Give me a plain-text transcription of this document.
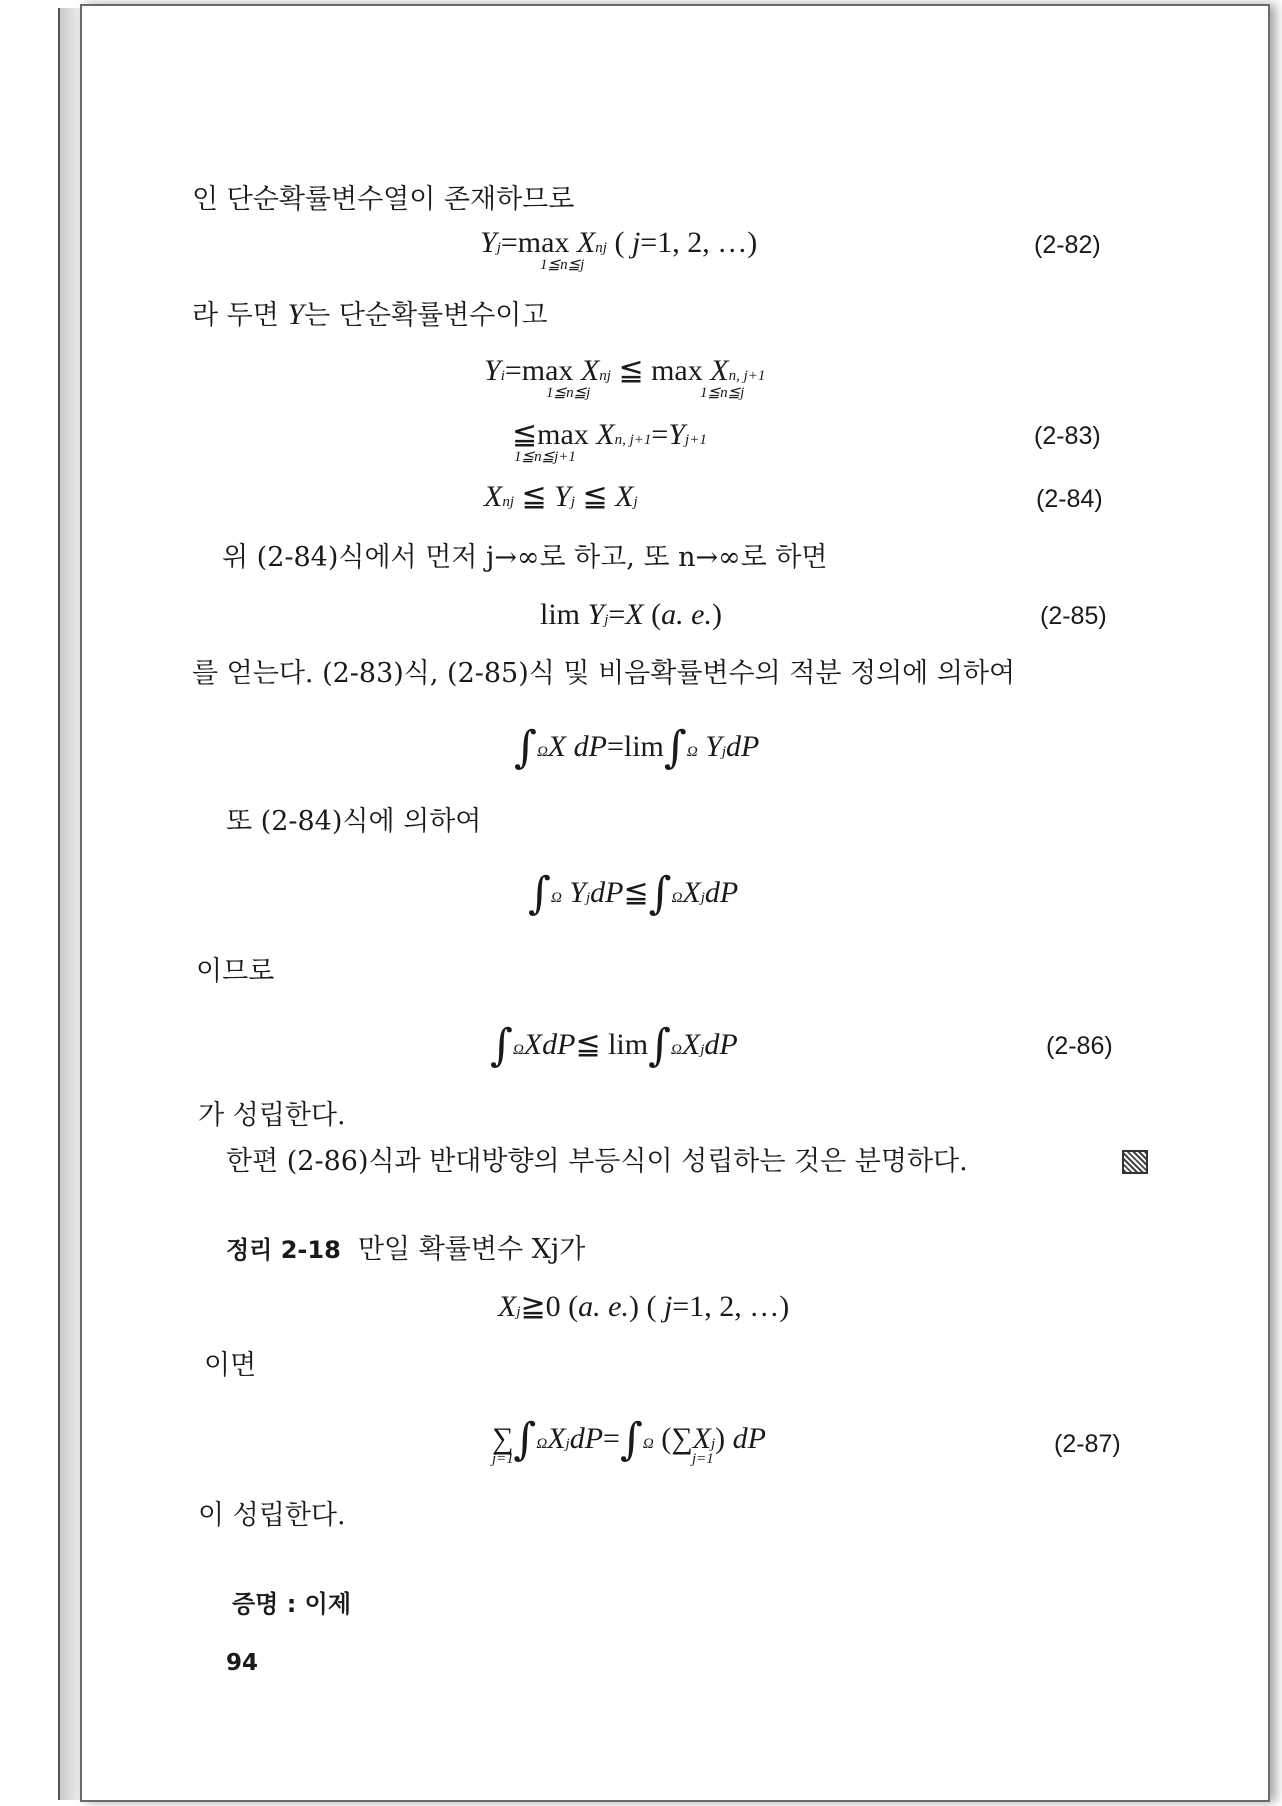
인 단순확률변수열이 존재하므로
Yj=max Xnj ( j=1, 2, …)
1≦n≦j
(2-82)
라 두면 Y는 단순확률변수이고
Yi=max Xnj ≦ max Xn, j+1
1≦n≦j	1≦n≦j
≦max Xn, j+1=Yj+1
1≦n≦j+1
(2-83)
Xnj ≦ Yj ≦ Xj	(2-84)
위 (2-84)식에서 먼저 j→∞로 하고, 또 n→∞로 하면
lim Yj=X (a. e.)	(2-85)
를 얻는다. (2-83)식, (2-85)식 및 비음확률변수의 적분 정의에 의하여
∫ΩX dP=lim∫Ω YjdP
또 (2-84)식에 의하여
∫Ω YjdP≦∫ΩXjdP
이므로
∫ΩXdP≦ lim∫ΩXjdP	(2-86)
가 성립한다.
한편 (2-86)식과 반대방향의 부등식이 성립하는 것은 분명하다.
정리 2-18 만일 확률변수 Xj가
Xj≧0 (a. e.) ( j=1, 2, …)
이면
∑∫ΩXjdP=∫Ω (∑Xj) dP
j=1	j=1
(2-87)
이 성립한다.
증명 : 이제
94
